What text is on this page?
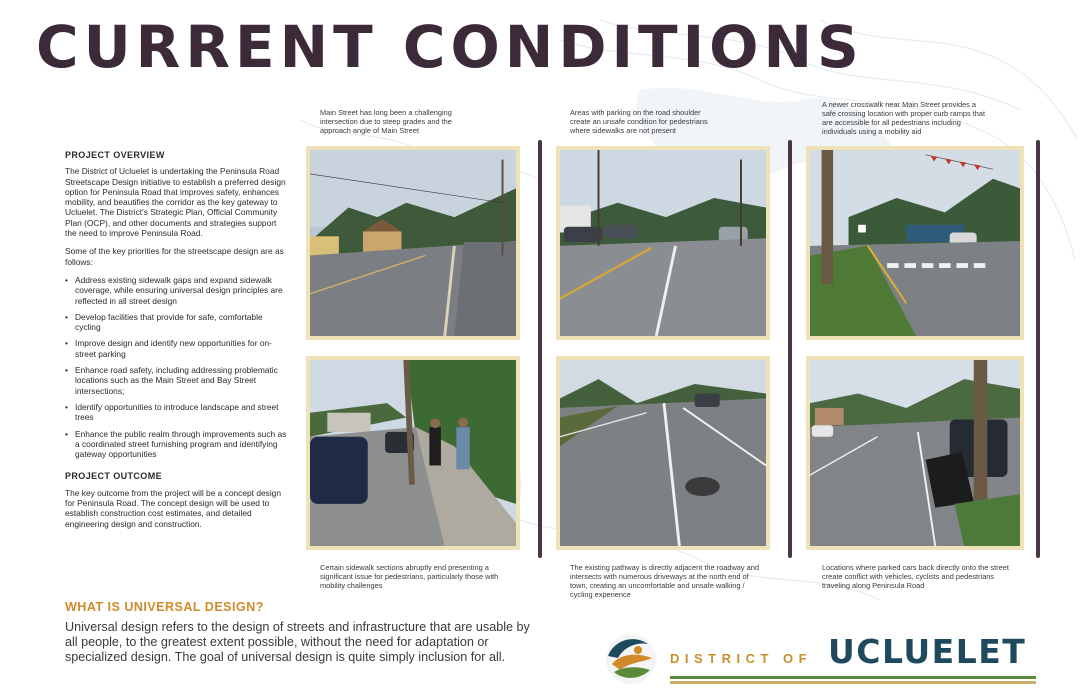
CURRENT CONDITIONS
PROJECT OVERVIEW

The District of Ucluelet is undertaking the Peninsula Road Streetscape Design initiative to establish a preferred design option for Peninsula Road that improves safety, enhances mobility, and beautifies the corridor as the key gateway to Ucluelet. The District's Strategic Plan, Official Community Plan (OCP), and other documents and strategies support the need to improve Peninsula Road.

Some of the key priorities for the streetscape design are as follows:

• Address existing sidewalk gaps and expand sidewalk coverage, while ensuring universal design principles are reflected in all street design
• Develop facilities that provide for safe, comfortable cycling
• Improve design and identify new opportunities for on-street parking
• Enhance road safety, including addressing problematic locations such as the Main Street and Bay Street intersections;
• Identify opportunities to introduce landscape and street trees
• Enhance the public realm through improvements such as a coordinated street furnishing program and identifying gateway opportunities
PROJECT OUTCOME

The key outcome from the project will be a concept design for Peninsula Road. The concept design will be used to establish construction cost estimates, and detailed engineering design and construction.

Main Street has long been a challenging intersection due to steep grades and the approach angle of Main Street
Areas with parking on the road shoulder create an unsafe condition for pedestrians where sidewalks are not present
A newer crosswalk near Main Street provides a safe crossing location with proper curb ramps that are accessible for all pedestrians including individuals using a mobility aid
Certain sidewalk sections abruptly end presenting a significant issue for pedestrians, particularly those with mobility challenges
The existing pathway is directly adjacent the roadway and intersects with numerous driveways at the north end of town, creating an uncomfortable and unsafe walking / cycling experience
Locations where parked cars back directly onto the street create conflict with vehicles, cyclists and pedestrians traveling along Peninsula Road
WHAT IS UNIVERSAL DESIGN?
Universal design refers to the design of streets and infrastructure that are usable by all people, to the greatest extent possible, without the need for adaptation or specialized design. The goal of universal design is quite simply inclusion for all.	DISTRICT OF UCLUELET
